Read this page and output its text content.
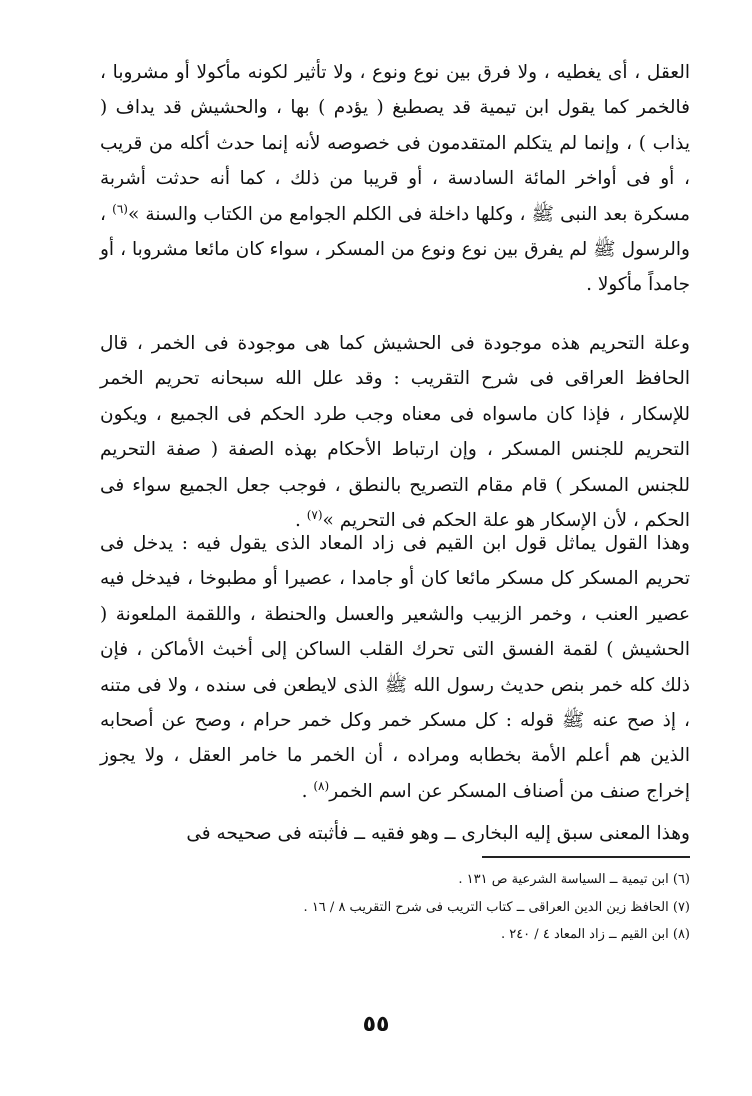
العقل ، أى يغطيه ، ولا فرق بين نوع ونوع ، ولا تأثير لكونه مأكولا أو مشروبا ، فالخمر كما يقول ابن تيمية قد يصطبغ ( يؤدم ) بها ، والحشيش قد يداف ( يذاب ) ، وإنما لم يتكلم المتقدمون فى خصوصه لأنه إنما حدث أكله من قريب ، أو فى أواخر المائة السادسة ، أو قريبا من ذلك ، كما أنه حدثت أشربة مسكرة بعد النبى ﷺ ، وكلها داخلة فى الكلم الجوامع من الكتاب والسنة »$^{(٦)}$ ، والرسول ﷺ لم يفرق بين نوع ونوع من المسكر ، سواء كان مائعا مشروبا ، أو جامداً مأكولا .

وعلة التحريم هذه موجودة فى الحشيش كما هى موجودة فى الخمر ، قال الحافظ العراقى فى شرح التقريب : وقد علل الله سبحانه تحريم الخمر للإسكار ، فإذا كان ماسواه فى معناه وجب طرد الحكم فى الجميع ، ويكون التحريم للجنس المسكر ، وإن ارتباط الأحكام بهذه الصفة ( صفة التحريم للجنس المسكر ) قام مقام التصريح بالنطق ، فوجب جعل الجميع سواء فى الحكم ، لأن الإسكار هو علة الحكم فى التحريم »$^{(٧)}$ .

وهذا القول يماثل قول ابن القيم فى زاد المعاد الذى يقول فيه : يدخل فى تحريم المسكر كل مسكر مائعا كان أو جامدا ، عصيرا أو مطبوخا ، فيدخل فيه عصير العنب ، وخمر الزبيب والشعير والعسل والحنطة ، واللقمة الملعونة ( الحشيش ) لقمة الفسق التى تحرك القلب الساكن إلى أخبث الأماكن ، فإن ذلك كله خمر بنص حديث رسول الله ﷺ الذى لايطعن فى سنده ، ولا فى متنه ، إذ صح عنه ﷺ قوله : كل مسكر خمر وكل خمر حرام ، وصح عن أصحابه الذين هم أعلم الأمة بخطابه ومراده ، أن الخمر ما خامر العقل ، ولا يجوز إخراج صنف من أصناف المسكر عن اسم الخمر$^{(٨)}$ .

وهذا المعنى سبق إليه البخارى ــ وهو فقيه ــ فأثبته فى صحيحه فى

(٦) ابن تيمية ــ السياسة الشرعية ص ١٣١ .
(٧) الحافظ زين الدين العراقى ــ كتاب التريب فى شرح التقريب ٨ / ١٦ .
(٨) ابن القيم ــ زاد المعاد ٤ / ٢٤٠ .
٥٥
